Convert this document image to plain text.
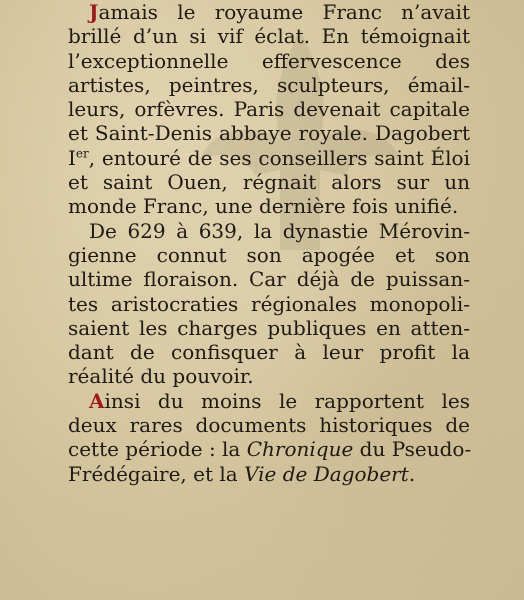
Jamais le royaume Franc n’avait
brillé d’un si vif éclat. En témoignait
l’exceptionnelle effervescence des
artistes, peintres, sculpteurs, émail-
leurs, orfèvres. Paris devenait capitale
et Saint-Denis abbaye royale. Dagobert
Ier, entouré de ses conseillers saint Éloi
et saint Ouen, régnait alors sur un
monde Franc, une dernière fois unifié.
De 629 à 639, la dynastie Mérovin-
gienne connut son apogée et son
ultime floraison. Car déjà de puissan-
tes aristocraties régionales monopoli-
saient les charges publiques en atten-
dant de confisquer à leur profit la
réalité du pouvoir.
Ainsi du moins le rapportent les
deux rares documents historiques de
cette période : la Chronique du Pseudo-
Frédégaire, et la Vie de Dagobert.
